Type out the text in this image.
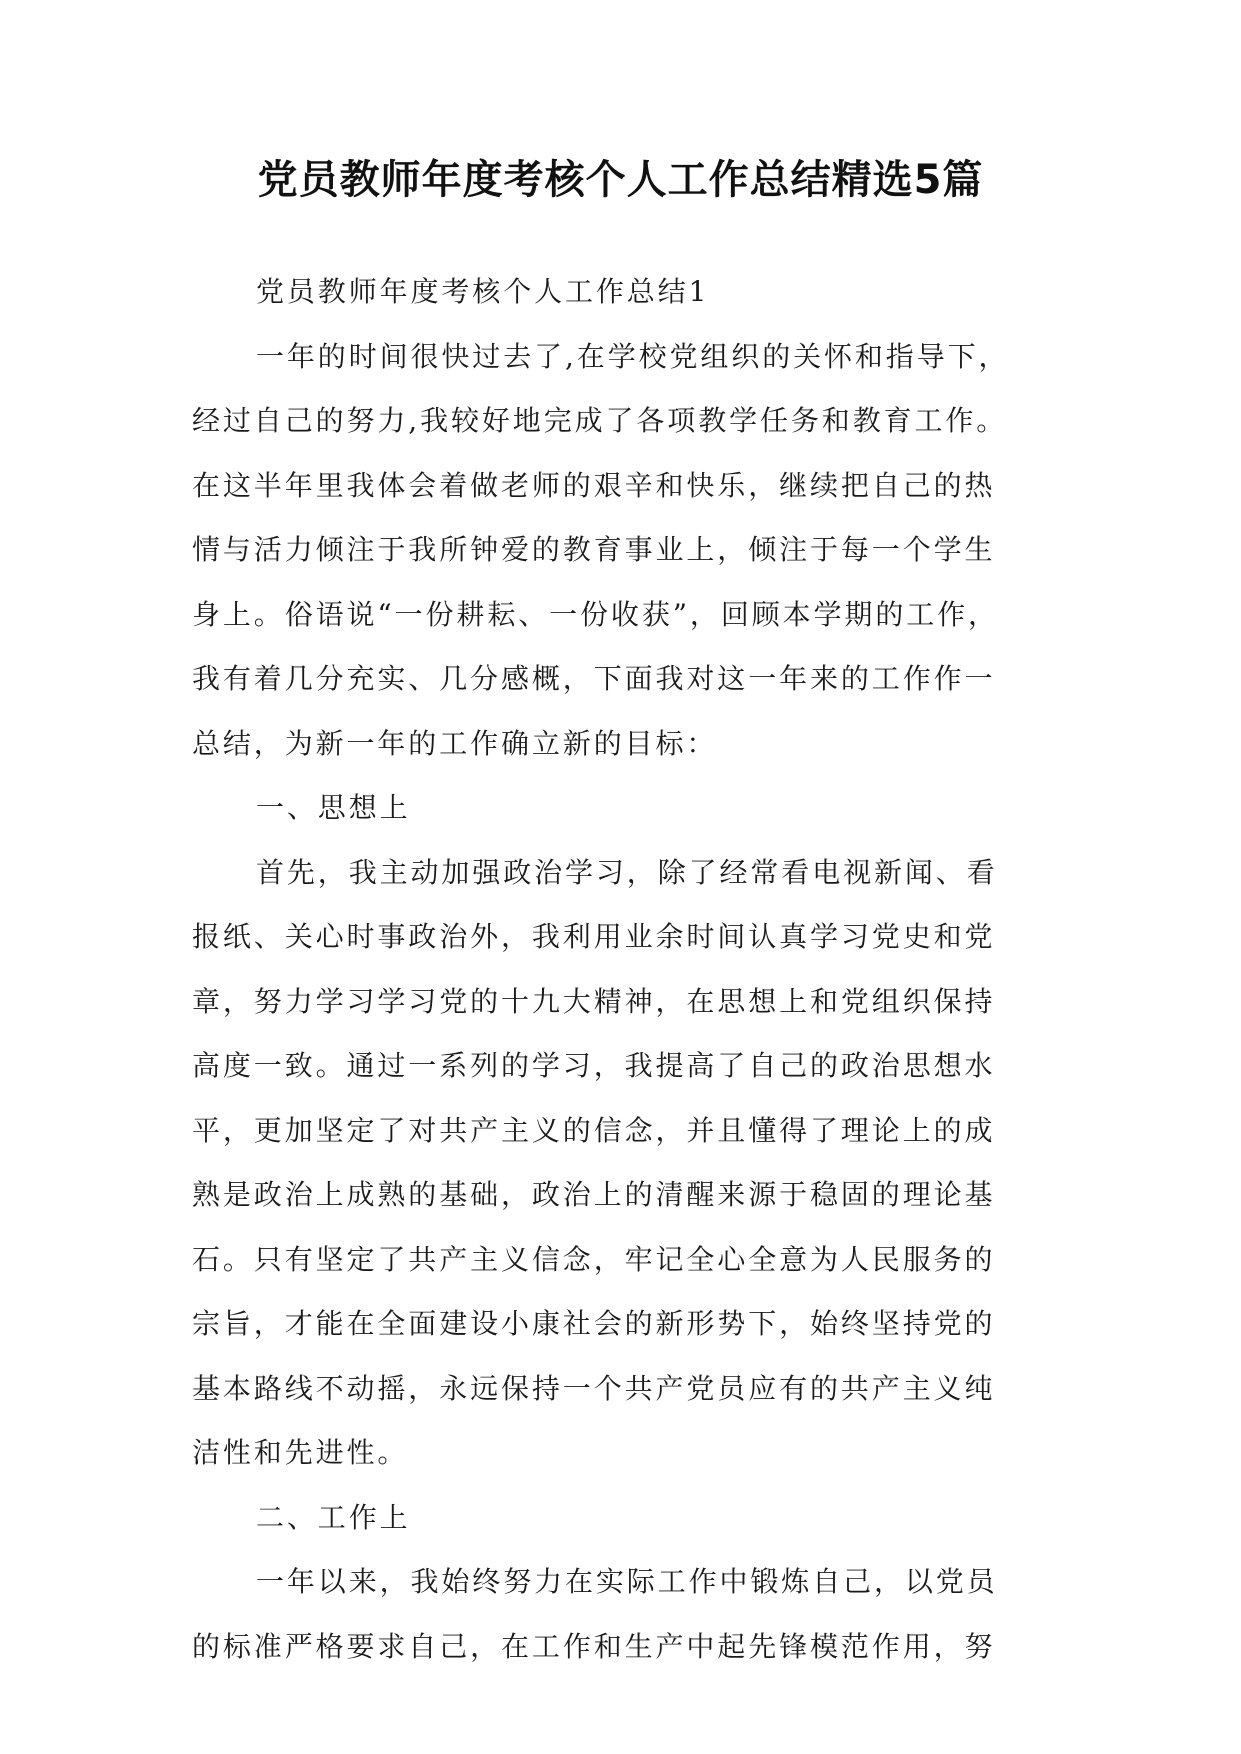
党员教师年度考核个人工作总结精选5篇

党员教师年度考核个人工作总结1

一年的时间很快过去了,在学校党组织的关怀和指导下，

经过自己的努力,我较好地完成了各项教学任务和教育工作。

在这半年里我体会着做老师的艰辛和快乐，继续把自己的热

情与活力倾注于我所钟爱的教育事业上，倾注于每一个学生

身上。俗语说“一份耕耘、一份收获”，回顾本学期的工作，

我有着几分充实、几分感概，下面我对这一年来的工作作一

总结，为新一年的工作确立新的目标：

一、思想上

首先，我主动加强政治学习，除了经常看电视新闻、看

报纸、关心时事政治外，我利用业余时间认真学习党史和党

章，努力学习学习党的十九大精神，在思想上和党组织保持

高度一致。通过一系列的学习，我提高了自己的政治思想水

平，更加坚定了对共产主义的信念，并且懂得了理论上的成

熟是政治上成熟的基础，政治上的清醒来源于稳固的理论基

石。只有坚定了共产主义信念，牢记全心全意为人民服务的

宗旨，才能在全面建设小康社会的新形势下，始终坚持党的

基本路线不动摇，永远保持一个共产党员应有的共产主义纯

洁性和先进性。

二、工作上

一年以来，我始终努力在实际工作中锻炼自己，以党员

的标准严格要求自己，在工作和生产中起先锋模范作用，努
